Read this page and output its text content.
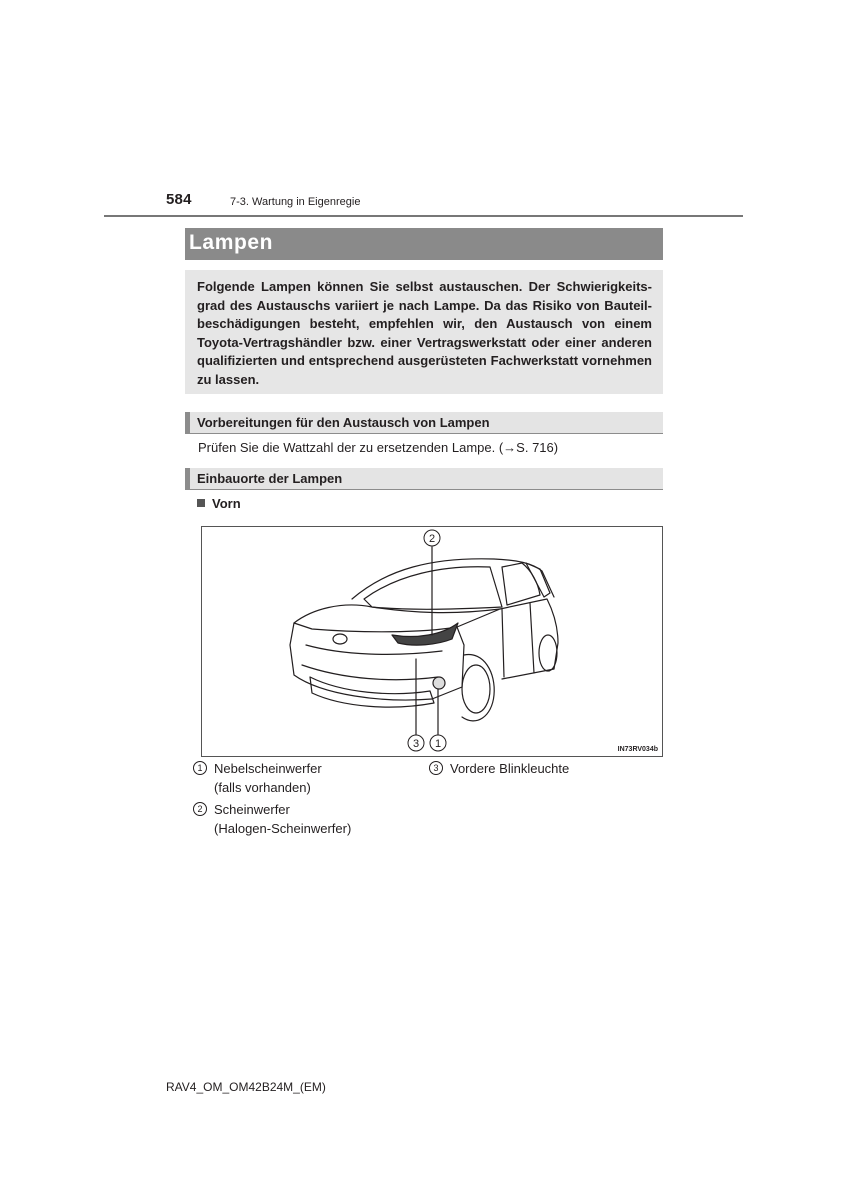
584	7-3. Wartung in Eigenregie
Lampen

Folgende Lampen können Sie selbst austauschen. Der Schwierigkeitsgrad des Austauschs variiert je nach Lampe. Da das Risiko von Bauteilbeschädigungen besteht, empfehlen wir, den Austausch von einem Toyota-Vertragshändler bzw. einer Vertragswerkstatt oder einer anderen qualifizierten und entsprechend ausgerüsteten Fachwerkstatt vornehmen zu lassen.

Vorbereitungen für den Austausch von Lampen
Prüfen Sie die Wattzahl der zu ersetzenden Lampe. (→S. 716)
Einbauorte der Lampen
Vorn
2
3 1	IN73RV034b
1 Nebelscheinwerfer
(falls vorhanden)
2 Scheinwerfer
(Halogen-Scheinwerfer)
3 Vordere Blinkleuchte
RAV4_OM_OM42B24M_(EM)
